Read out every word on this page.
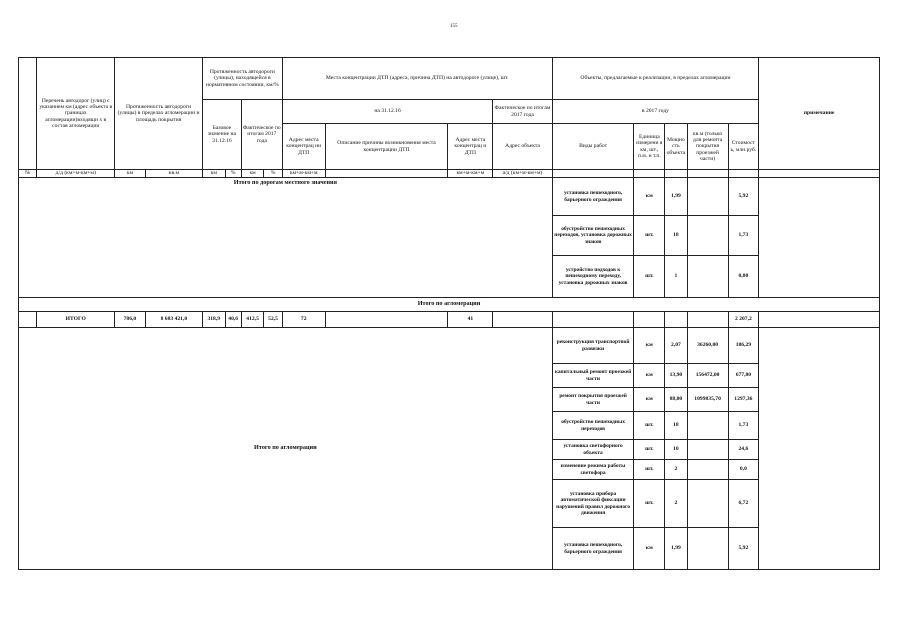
155
	Перечень автодорог (улиц) с указанием км (адрес объекта в границах агломерации)входящи х в состав агломерации	Протяженность автодороги (улицы) в пределах агломерации и площадь покрытия		Протяженность автодороги (улицы), находящейся в нормативном состоянии, км/%				Места концентрации ДТП (адреса, причина ДТП) на автодороге (улице), шт.				Объекты, предлагаемые к реализации, в пределах агломерации					примечание
				Базовое значение на 31.12.16		Фактическое по итогам 2017 года		на 31.12.16			Фактическое по итогам 2017 года	в 2017 году					
								Адрес места концентрац ии ДТП	Описание причины возникновения места концентрации ДТП	Адрес места концентрац и ДТП	Адрес объекта	Виды работ	Единица измерени я км, шт., п.м. и т.п.	Мощно сть объекта	кв.м (только для ремонта покрытия проезжей части)	Стоимост ь, млн.руб.	
№	д/д (км+м-км+м)	км	кв.м	км	%	км	%	км+м-км+м		км+м-км+м	а/д (км+м-км+м)						
Итого по дорогам местного значения												установка пешеходного, барьерного ограждения	км	1,99		5,92	
												обустройство пешеходных переходов, установка дорожных знаков	шт.	18		1,73	
												устройство подходов к пешеходному переходу, установка дорожных знаков	шт.	1		0,00	
Итого по агломерации																	
	ИТОГО	786,0	8 683 421,0	318,9	40,6	412,5	52,5	72		41						2 207,2	
Итого по агломерации												реконструкция транспортной развязки	км	2,07	36260,00	186,29	
												капитальный ремонт проезжей части	км	13,90	156472,00	677,80	
												ремонт покрытия проезжей части	км	88,00	1099835,70	1297,36	
												обустройство пешеходных переходов	шт.	18		1,73	
												установка светофорного объекта	шт.	10		24,6	
												изменение режима работы светофора	шт.	2		0,0	
												установка прибора автоматической фиксации нарушений правил дорожного движения	шт.	2		6,72	
												установка пешеходного, барьерного ограждения	км	1,99		5,92	
